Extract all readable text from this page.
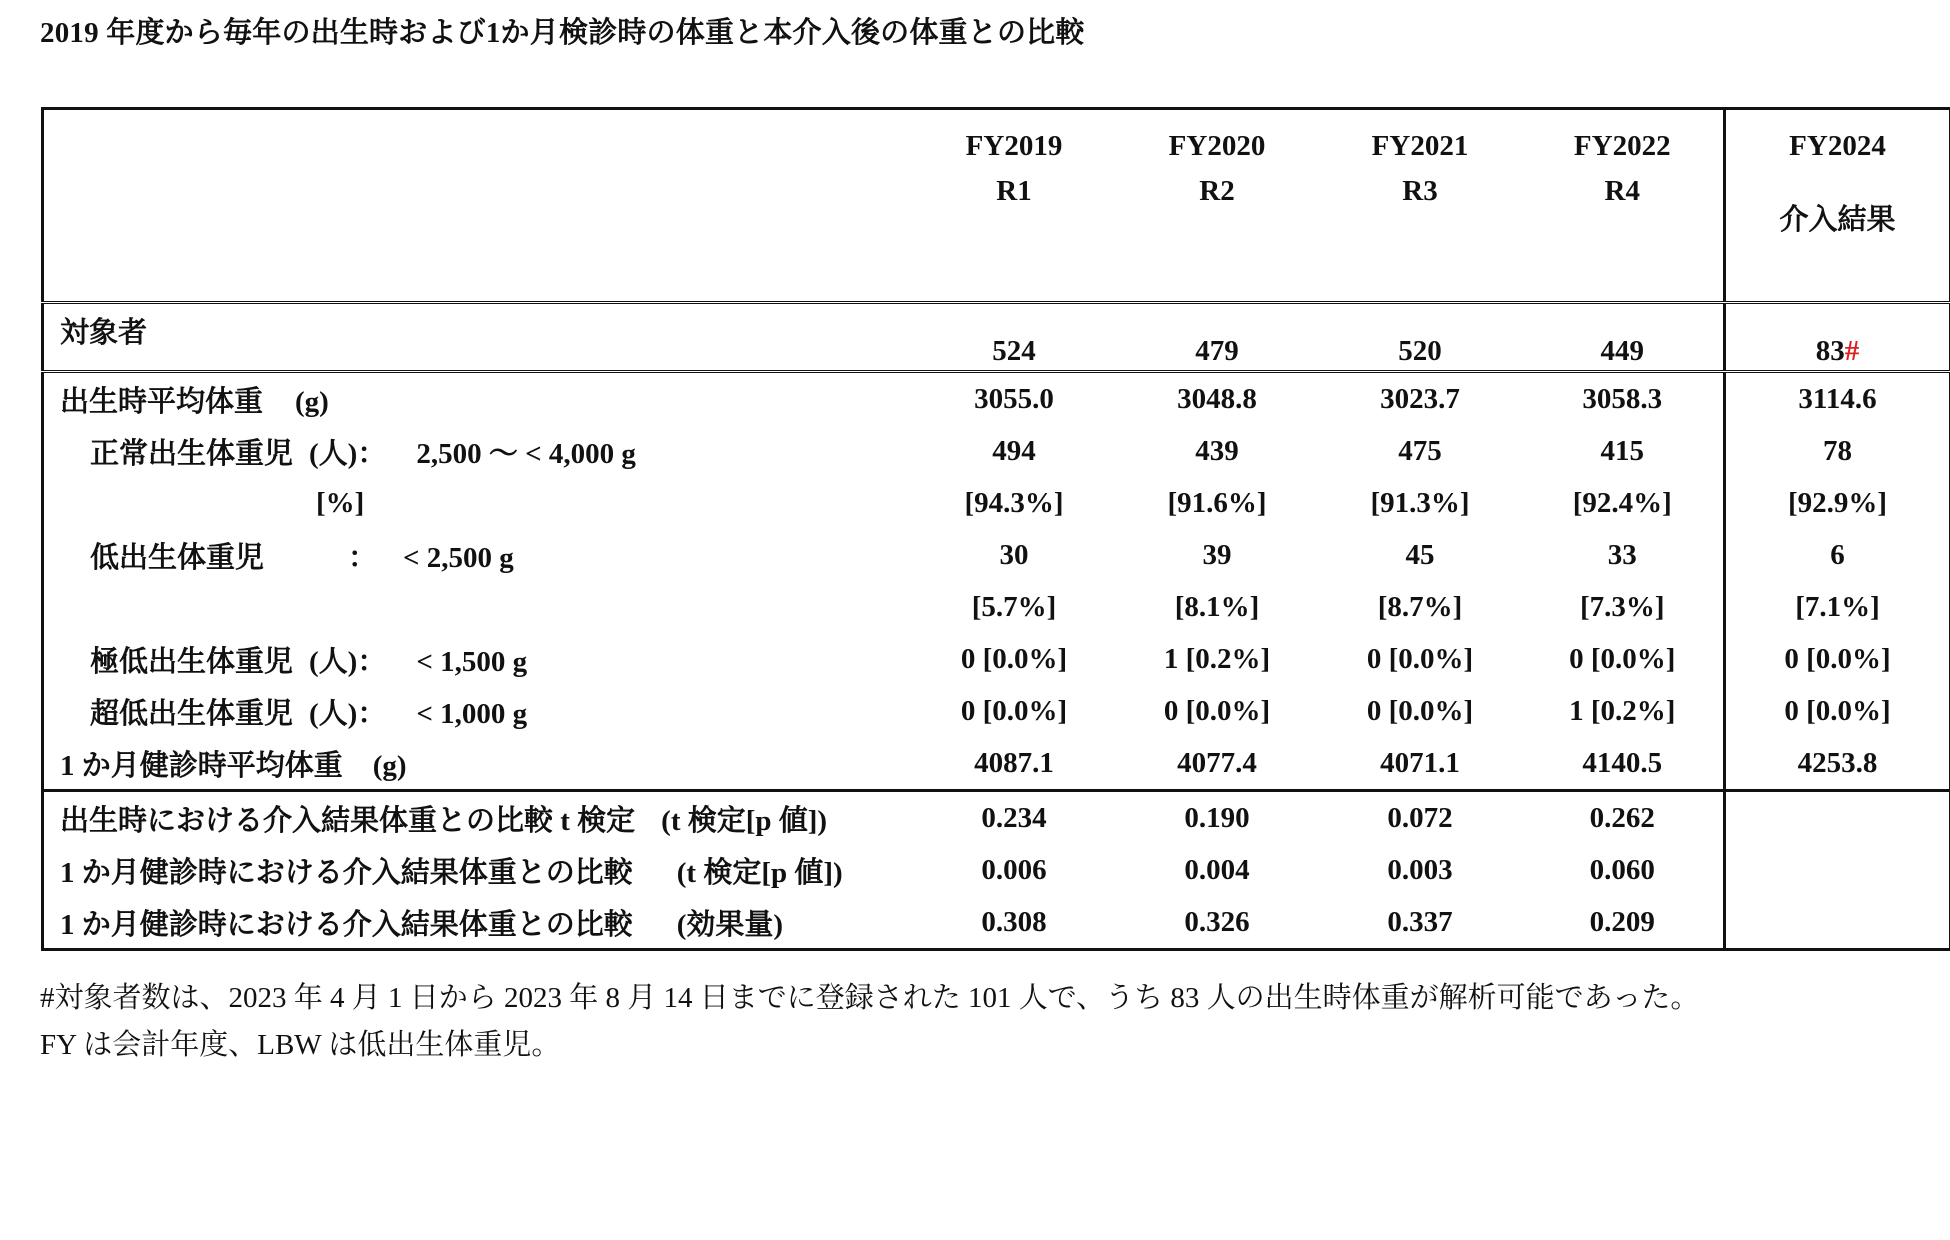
2019 年度から毎年の出生時および1か月検診時の体重と本介入後の体重との比較
	FY2019	FY2020	FY2021	FY2022	FY2024
	R1	R2	R3	R4	介入結果
対象者	524	479	520	449	83#
出生時平均体重 (g)	3055.0	3048.8	3023.7	3058.3	3114.6
正常出生体重児 (人)： 2,500 ～ < 4,000 g	494	439	475	415	78
[%]	[94.3%]	[91.6%]	[91.3%]	[92.4%]	[92.9%]
低出生体重児 ： < 2,500 g	30	39	45	33	6
	[5.7%]	[8.1%]	[8.7%]	[7.3%]	[7.1%]
極低出生体重児 (人)： < 1,500 g	0 [0.0%]	1 [0.2%]	0 [0.0%]	0 [0.0%]	0 [0.0%]
超低出生体重児 (人)： < 1,000 g	0 [0.0%]	0 [0.0%]	0 [0.0%]	1 [0.2%]	0 [0.0%]
1 か月健診時平均体重 (g)	4087.1	4077.4	4071.1	4140.5	4253.8
出生時における介入結果体重との比較 t 検定 (t 検定[p 値])	0.234	0.190	0.072	0.262	
1 か月健診時における介入結果体重との比較 (t 検定[p 値])	0.006	0.004	0.003	0.060	
1 か月健診時における介入結果体重との比較 (効果量)	0.308	0.326	0.337	0.209	
#対象者数は、2023 年 4 月 1 日から 2023 年 8 月 14 日までに登録された 101 人で、うち 83 人の出生時体重が解析可能であった。
FY は会計年度、LBW は低出生体重児。
